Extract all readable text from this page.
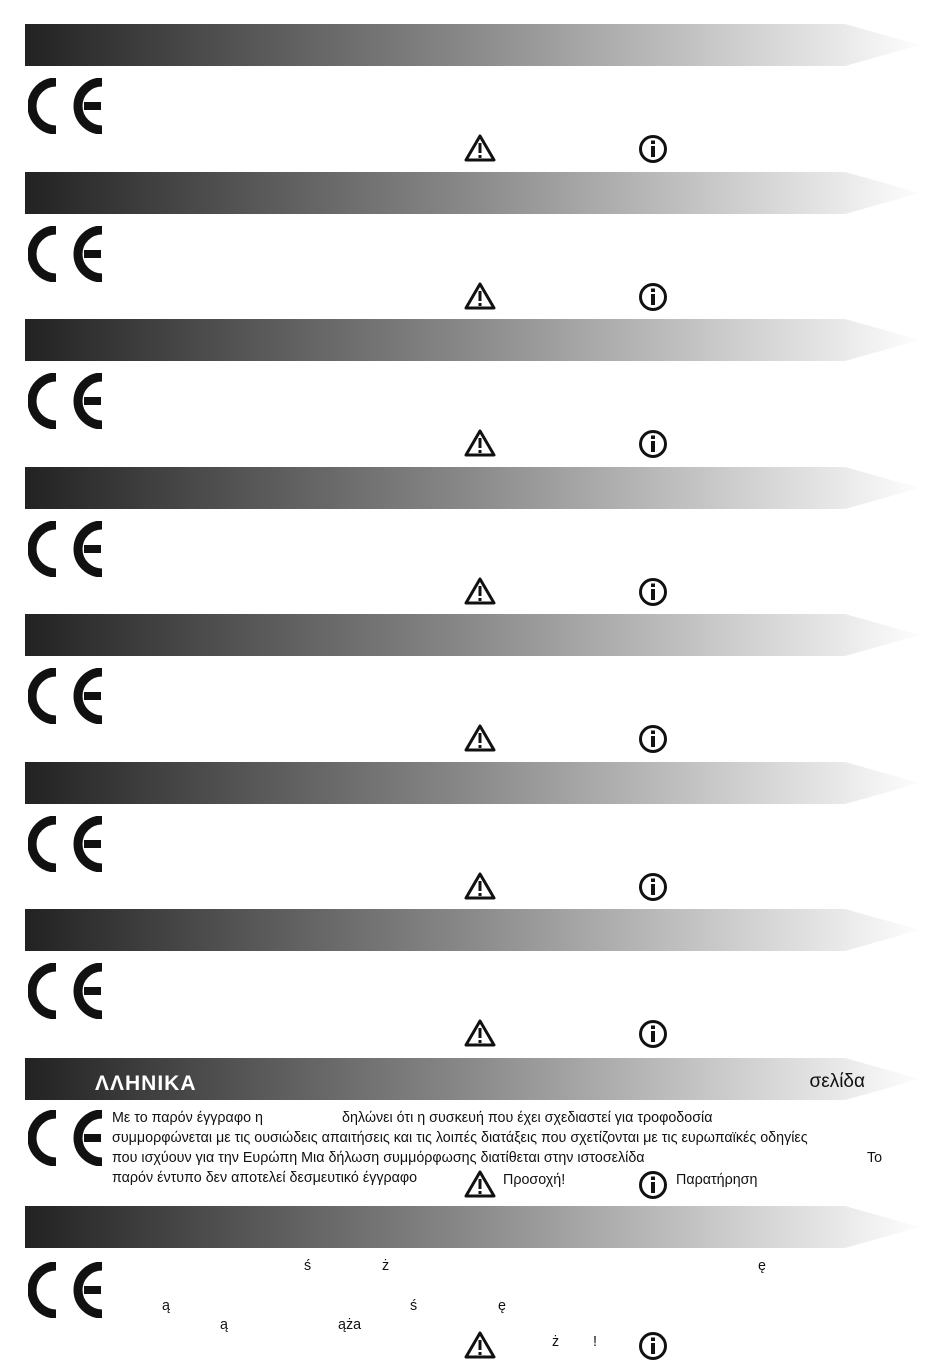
ΛΛΗΝΙΚΑ	σελίδα
Με το παρόν έγγραφο η	δηλώνει ότι η συσκευή που έχει σχεδιαστεί για τροφοδοσία
συμμορφώνεται με τις ουσιώδεις απαιτήσεις και τις λοιπές διατάξεις που σχετίζονται με τις ευρωπαϊκές οδηγίες
που ισχύουν για την Ευρώπη Μια δήλωση συμμόρφωσης διατίθεται στην ιστοσελίδα	Το
παρόν έντυπο δεν αποτελεί δεσμευτικό έγγραφο	Προσοχή!	Παρατήρηση
ś	ż	ę
ą	ś	ę
ą	ąża
ż !
